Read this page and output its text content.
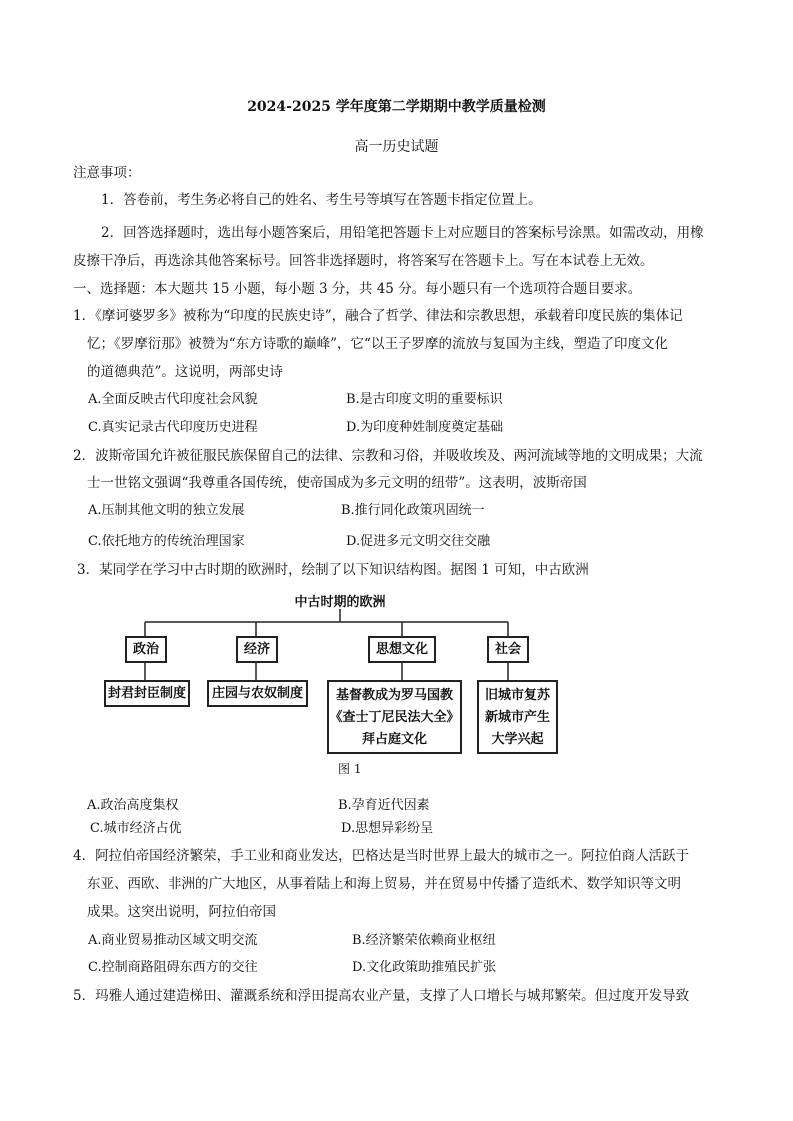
2024-2025 学年度第二学期期中教学质量检测
高一历史试题
注意事项：
1．答卷前，考生务必将自己的姓名、考生号等填写在答题卡指定位置上。
2．回答选择题时，选出每小题答案后，用铅笔把答题卡上对应题目的答案标号涂黑。如需改动，用橡
皮擦干净后，再选涂其他答案标号。回答非选择题时，将答案写在答题卡上。写在本试卷上无效。
一、选择题：本大题共 15 小题，每小题 3 分，共 45 分。每小题只有一个选项符合题目要求。
1．《摩诃婆罗多》被称为“印度的民族史诗”，融合了哲学、律法和宗教思想，承载着印度民族的集体记
忆；《罗摩衍那》被赞为“东方诗歌的巅峰”，它“以王子罗摩的流放与复国为主线，塑造了印度文化
的道德典范”。这说明，两部史诗
A.全面反映古代印度社会风貌	B.是古印度文明的重要标识
C.真实记录古代印度历史进程	D.为印度种姓制度奠定基础
2．波斯帝国允许被征服民族保留自己的法律、宗教和习俗，并吸收埃及、两河流域等地的文明成果；大流
士一世铭文强调“我尊重各国传统，使帝国成为多元文明的纽带”。这表明，波斯帝国
A.压制其他文明的独立发展	B.推行同化政策巩固统一
C.依托地方的传统治理国家	D.促进多元文明交往交融
3．某同学在学习中古时期的欧洲时，绘制了以下知识结构图。据图 1 可知，中古欧洲
中古时期的欧洲
政治	经济	思想文化	社会
封君封臣制度	庄园与农奴制度	基督教成为罗马国教
《查士丁尼民法大全》
拜占庭文化
旧城市复苏
新城市产生
大学兴起
图 1
A.政治高度集权	B.孕育近代因素
C.城市经济占优	D.思想异彩纷呈
4．阿拉伯帝国经济繁荣，手工业和商业发达，巴格达是当时世界上最大的城市之一。阿拉伯商人活跃于
东亚、西欧、非洲的广大地区，从事着陆上和海上贸易，并在贸易中传播了造纸术、数学知识等文明
成果。这突出说明，阿拉伯帝国
A.商业贸易推动区域文明交流	B.经济繁荣依赖商业枢纽
C.控制商路阻碍东西方的交往	D.文化政策助推殖民扩张
5．玛雅人通过建造梯田、灌溉系统和浮田提高农业产量，支撑了人口增长与城邦繁荣。但过度开发导致
